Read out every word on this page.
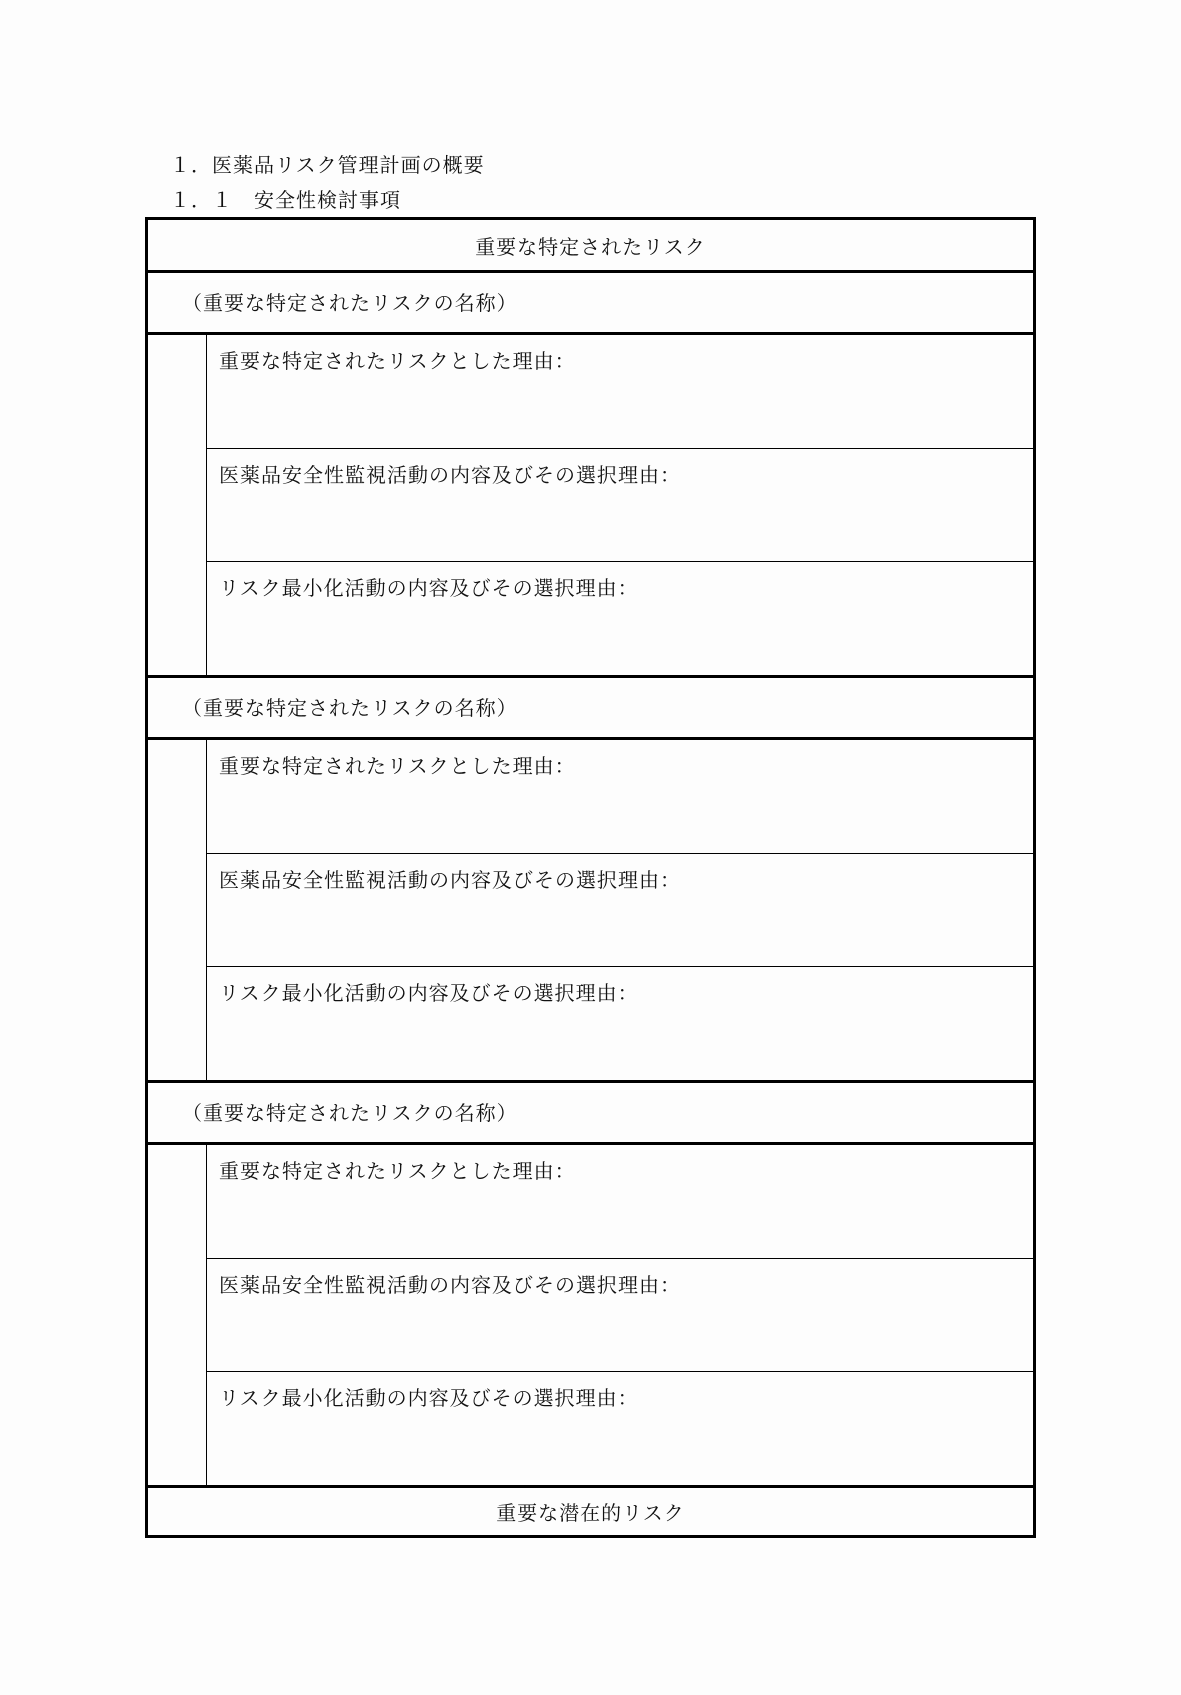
１．医薬品リスク管理計画の概要
１．１　安全性検討事項
重要な特定されたリスク
（重要な特定されたリスクの名称）
重要な特定されたリスクとした理由：
医薬品安全性監視活動の内容及びその選択理由：
リスク最小化活動の内容及びその選択理由：
（重要な特定されたリスクの名称）
重要な特定されたリスクとした理由：
医薬品安全性監視活動の内容及びその選択理由：
リスク最小化活動の内容及びその選択理由：
（重要な特定されたリスクの名称）
重要な特定されたリスクとした理由：
医薬品安全性監視活動の内容及びその選択理由：
リスク最小化活動の内容及びその選択理由：
重要な潜在的リスク
